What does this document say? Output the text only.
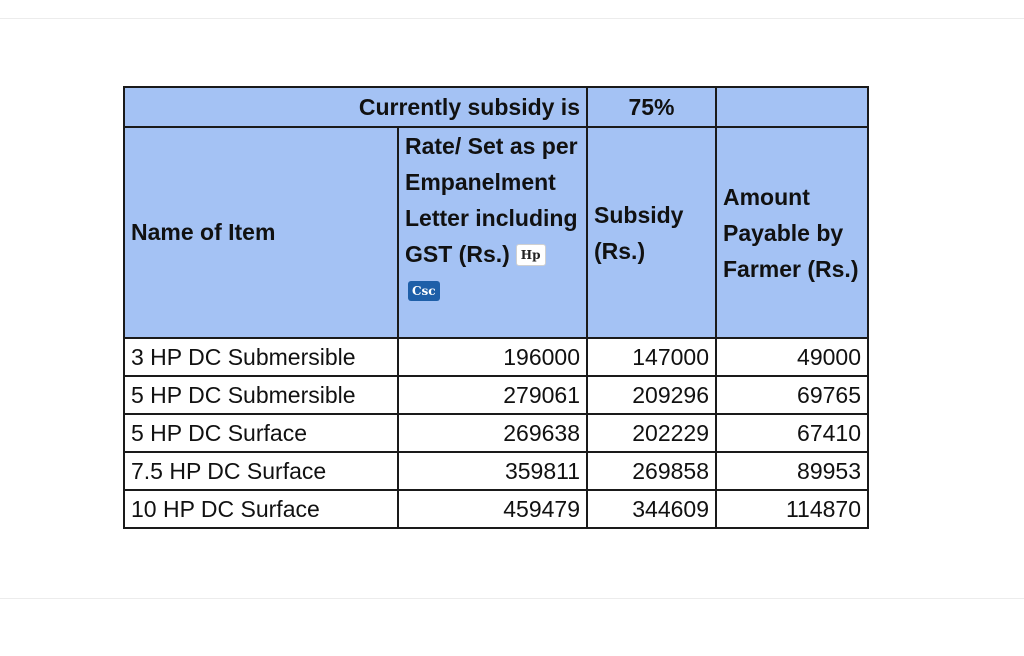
Currently subsidy is		75%	
Name of Item	Rate/ Set as per Empanelment Letter including GST (Rs.) HpCsc	Subsidy (Rs.)	Amount Payable by Farmer (Rs.)
3 HP DC Submersible	196000	147000	49000
5 HP DC Submersible	279061	209296	69765
5 HP DC Surface	269638	202229	67410
7.5 HP DC Surface	359811	269858	89953
10 HP DC Surface	459479	344609	114870
